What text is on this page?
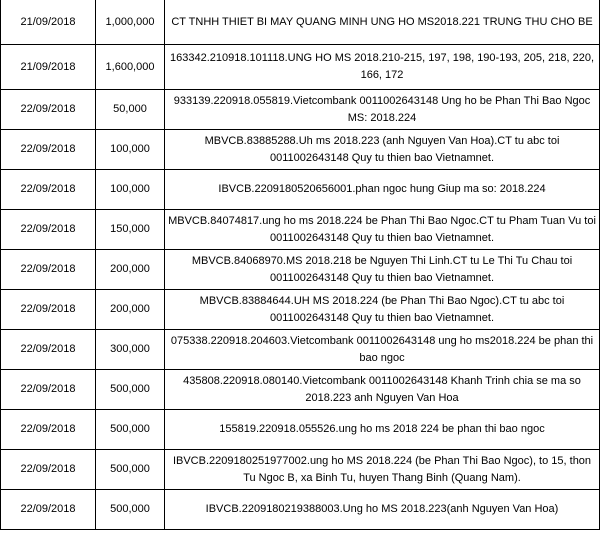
21/09/2018	1,000,000	CT TNHH THIET BI MAY QUANG MINH UNG HO MS2018.221 TRUNG THU CHO BE
21/09/2018	1,600,000	163342.210918.101118.UNG HO MS 2018.210-215, 197, 198, 190-193, 205, 218, 220, 166, 172
22/09/2018	50,000	933139.220918.055819.Vietcombank 0011002643148 Ung ho be Phan Thi Bao Ngoc MS: 2018.224
22/09/2018	100,000	MBVCB.83885288.Uh ms 2018.223 (anh Nguyen Van Hoa).CT tu abc toi 0011002643148 Quy tu thien bao Vietnamnet.
22/09/2018	100,000	IBVCB.2209180520656001.phan ngoc hung Giup ma so: 2018.224
22/09/2018	150,000	MBVCB.84074817.ung ho ms 2018.224 be Phan Thi Bao Ngoc.CT tu Pham Tuan Vu toi 0011002643148 Quy tu thien bao Vietnamnet.
22/09/2018	200,000	MBVCB.84068970.MS 2018.218 be Nguyen Thi Linh.CT tu Le Thi Tu Chau toi 0011002643148 Quy tu thien bao Vietnamnet.
22/09/2018	200,000	MBVCB.83884644.UH MS 2018.224 (be Phan Thi Bao Ngoc).CT tu abc toi 0011002643148 Quy tu thien bao Vietnamnet.
22/09/2018	300,000	075338.220918.204603.Vietcombank 0011002643148 ung ho ms2018.224 be phan thi bao ngoc
22/09/2018	500,000	435808.220918.080140.Vietcombank 0011002643148 Khanh Trinh chia se ma so 2018.223 anh Nguyen Van Hoa
22/09/2018	500,000	155819.220918.055526.ung ho ms 2018 224 be phan thi bao ngoc
22/09/2018	500,000	IBVCB.2209180251977002.ung ho MS 2018.224 (be Phan Thi Bao Ngoc), to 15, thon Tu Ngoc B, xa Binh Tu, huyen Thang Binh (Quang Nam).
22/09/2018	500,000	IBVCB.2209180219388003.Ung ho MS 2018.223(anh Nguyen Van Hoa)
